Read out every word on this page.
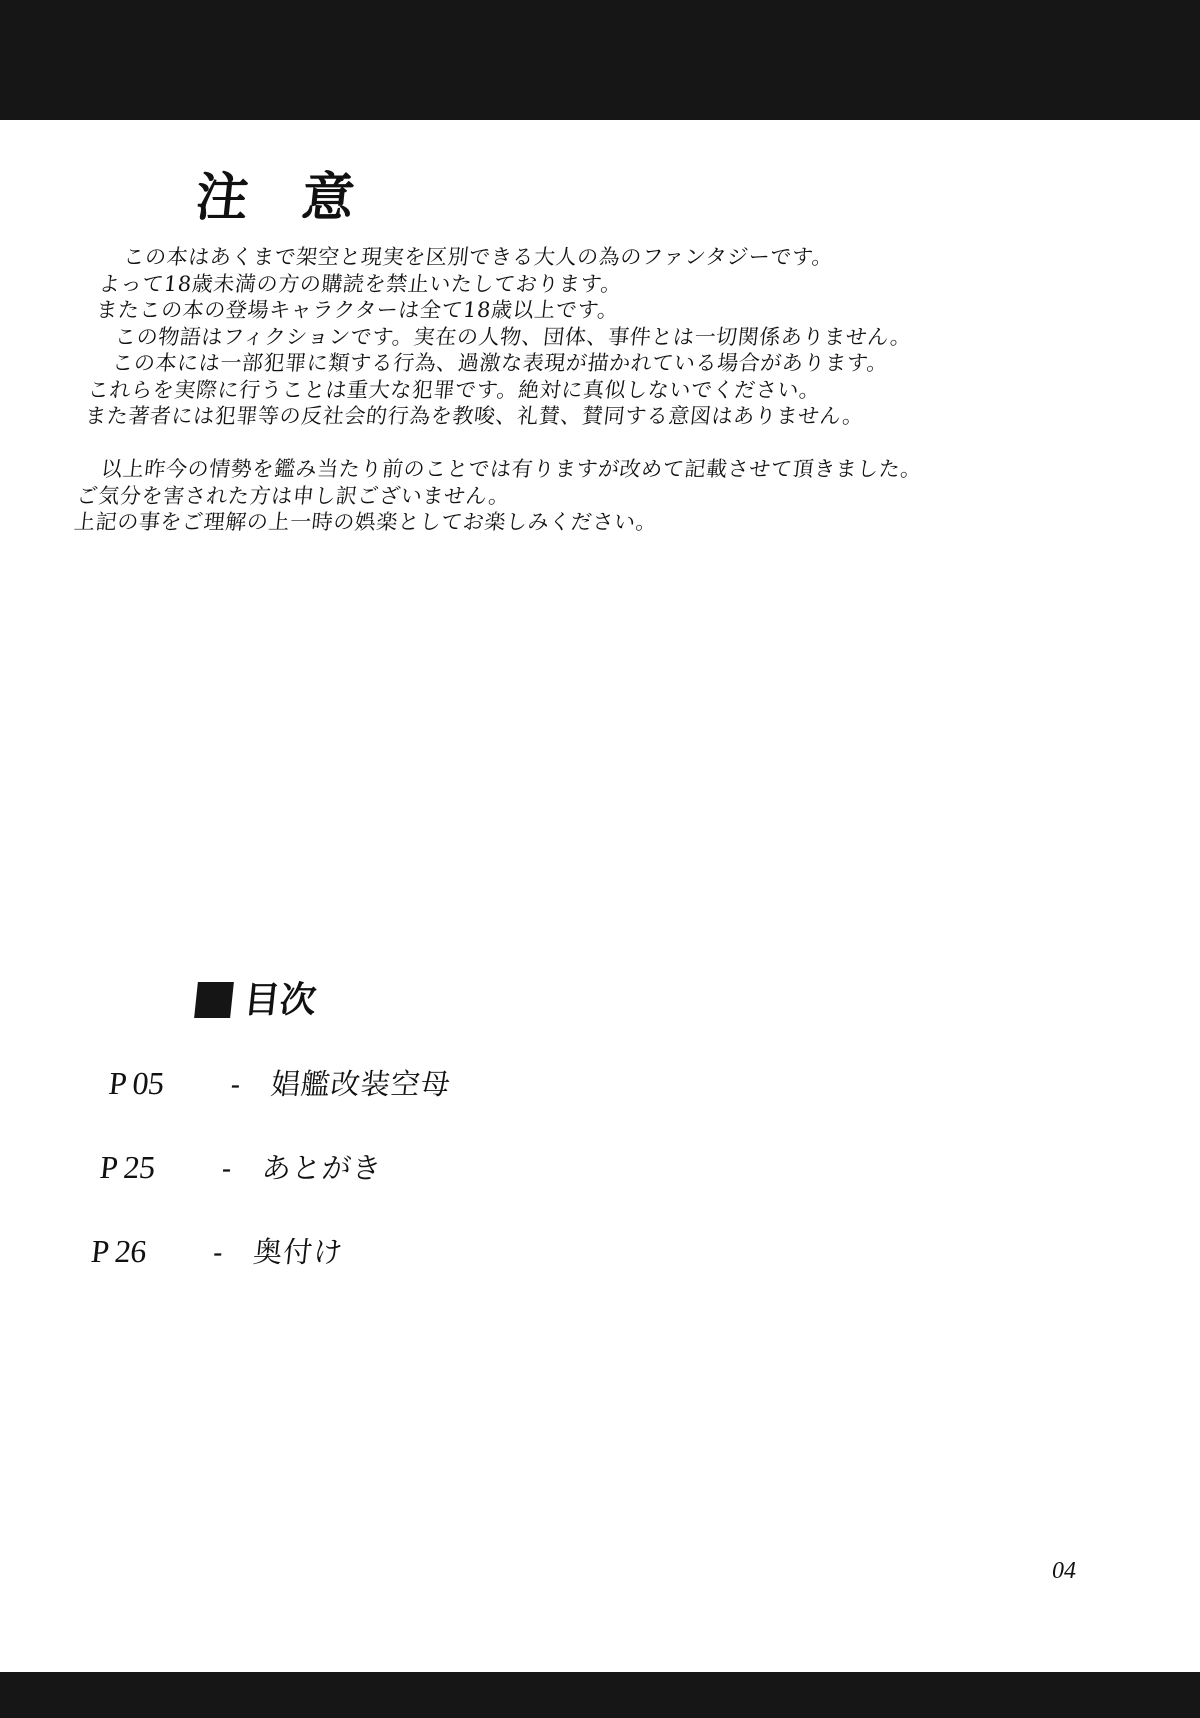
注 意
　この本はあくまで架空と現実を区別できる大人の為のファンタジーです。
よって18歳未満の方の購読を禁止いたしております。
またこの本の登場キャラクターは全て18歳以上です。
　この物語はフィクションです。実在の人物、団体、事件とは一切関係ありません。
　この本には一部犯罪に類する行為、過激な表現が描かれている場合があります。
これらを実際に行うことは重大な犯罪です。絶対に真似しないでください。
また著者には犯罪等の反社会的行為を教唆、礼賛、賛同する意図はありません。
　以上昨今の情勢を鑑み当たり前のことでは有りますが改めて記載させて頂きました。
ご気分を害された方は申し訳ございません。
上記の事をご理解の上一時の娯楽としてお楽しみください。
目次
P 05	- 娼艦改装空母
P 25	- あとがき
P 26	- 奥付け
04
